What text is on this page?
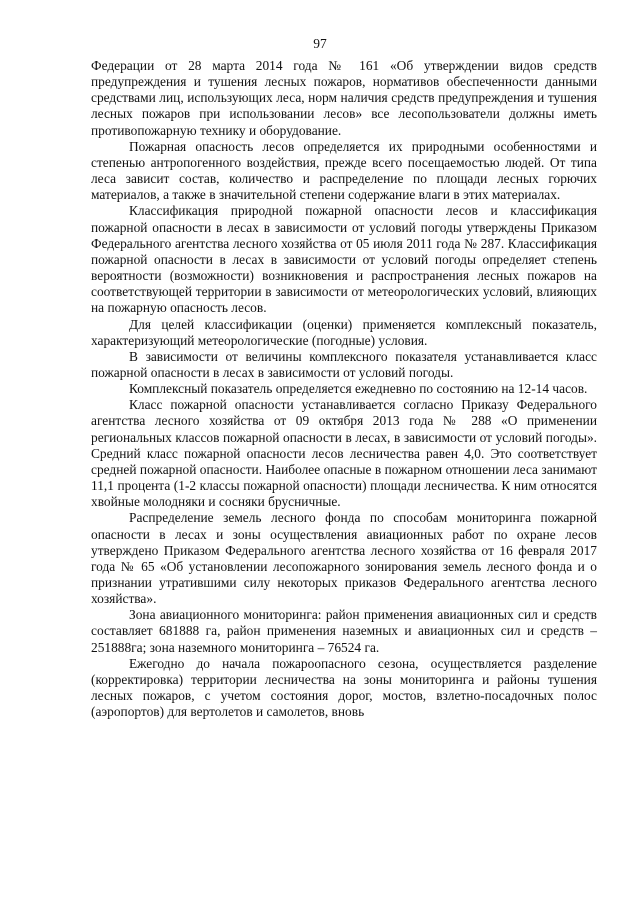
97

Федерации от 28 марта 2014 года № 161 «Об утверждении видов средств предупреждения и тушения лесных пожаров, нормативов обеспеченности данными средствами лиц, использующих леса, норм наличия средств предупреждения и тушения лесных пожаров при использовании лесов» все лесопользователи должны иметь противопожарную технику и оборудование.

Пожарная опасность лесов определяется их природными особенностями и степенью антропогенного воздействия, прежде всего посещаемостью людей. От типа леса зависит состав, количество и распределение по площади лесных горючих материалов, а также в значительной степени содержание влаги в этих материалах.

Классификация природной пожарной опасности лесов и классификация пожарной опасности в лесах в зависимости от условий погоды утверждены Приказом Федерального агентства лесного хозяйства от 05 июля 2011 года № 287. Классификация пожарной опасности в лесах в зависимости от условий погоды определяет степень вероятности (возможности) возникновения и распространения лесных пожаров на соответствующей территории в зависимости от метеорологических условий, влияющих на пожарную опасность лесов.

Для целей классификации (оценки) применяется комплексный показатель, характеризующий метеорологические (погодные) условия.

В зависимости от величины комплексного показателя устанавливается класс пожарной опасности в лесах в зависимости от условий погоды.

Комплексный показатель определяется ежедневно по состоянию на 12-14 часов.

Класс пожарной опасности устанавливается согласно Приказу Федерального агентства лесного хозяйства от 09 октября 2013 года № 288 «О применении региональных классов пожарной опасности в лесах, в зависимости от условий погоды». Средний класс пожарной опасности лесов лесничества равен 4,0. Это соответствует средней пожарной опасности. Наиболее опасные в пожарном отношении леса занимают 11,1 процента (1-2 классы пожарной опасности) площади лесничества. К ним относятся хвойные молодняки и сосняки брусничные.

Распределение земель лесного фонда по способам мониторинга пожарной опасности в лесах и зоны осуществления авиационных работ по охране лесов утверждено Приказом Федерального агентства лесного хозяйства от 16 февраля 2017 года № 65 «Об установлении лесопожарного зонирования земель лесного фонда и о признании утратившими силу некоторых приказов Федерального агентства лесного хозяйства».

Зона авиационного мониторинга: район применения авиационных сил и средств составляет 681888 га, район применения наземных и авиационных сил и средств – 251888га; зона наземного мониторинга – 76524 га.

Ежегодно до начала пожароопасного сезона, осуществляется разделение (корректировка) территории лесничества на зоны мониторинга и районы тушения лесных пожаров, с учетом состояния дорог, мостов, взлетно-посадочных полос (аэропортов) для вертолетов и самолетов, вновь
